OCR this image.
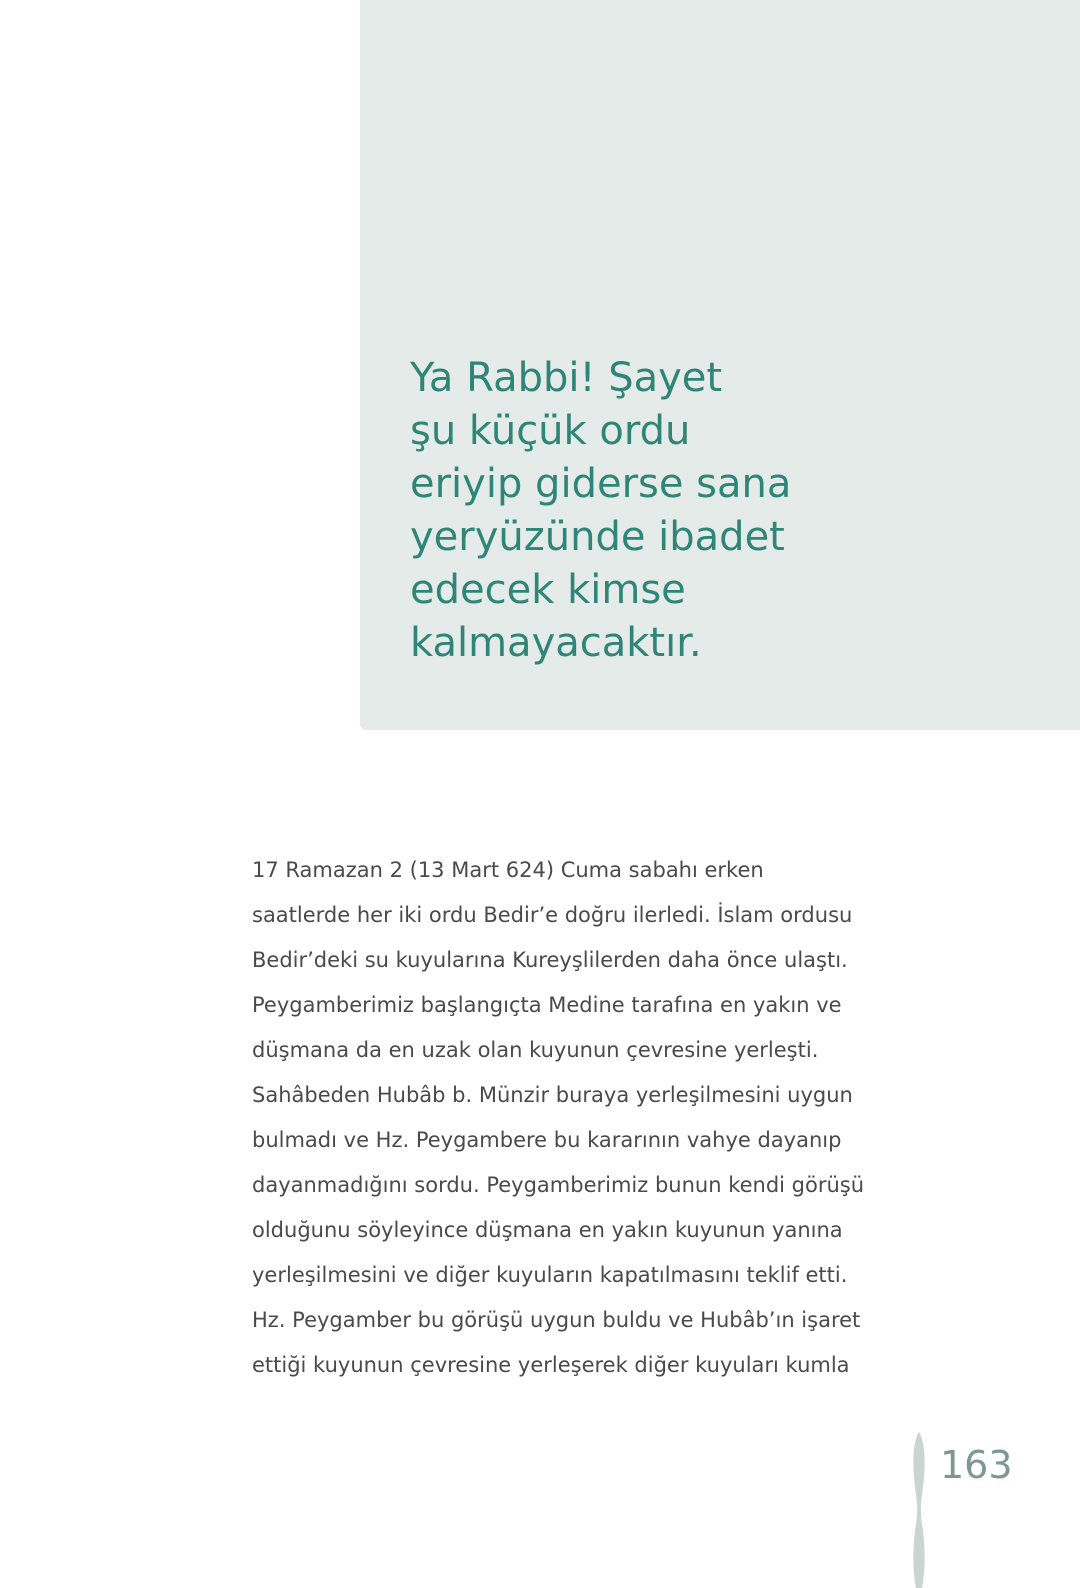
Ya Rabbi! Şayet
şu küçük ordu
eriyip giderse sana
yeryüzünde ibadet
edecek kimse
kalmayacaktır.

17 Ramazan 2 (13 Mart 624) Cuma sabahı erken
saatlerde her iki ordu Bedir’e doğru ilerledi. İslam ordusu
Bedir’deki su kuyularına Kureyşlilerden daha önce ulaştı.
Peygamberimiz başlangıçta Medine tarafına en yakın ve
düşmana da en uzak olan kuyunun çevresine yerleşti.
Sahâbeden Hubâb b. Münzir buraya yerleşilmesini uygun
bulmadı ve Hz. Peygambere bu kararının vahye dayanıp
dayanmadığını sordu. Peygamberimiz bunun kendi görüşü
olduğunu söyleyince düşmana en yakın kuyunun yanına
yerleşilmesini ve diğer kuyuların kapatılmasını teklif etti.
Hz. Peygamber bu görüşü uygun buldu ve Hubâb’ın işaret
ettiği kuyunun çevresine yerleşerek diğer kuyuları kumla

163
